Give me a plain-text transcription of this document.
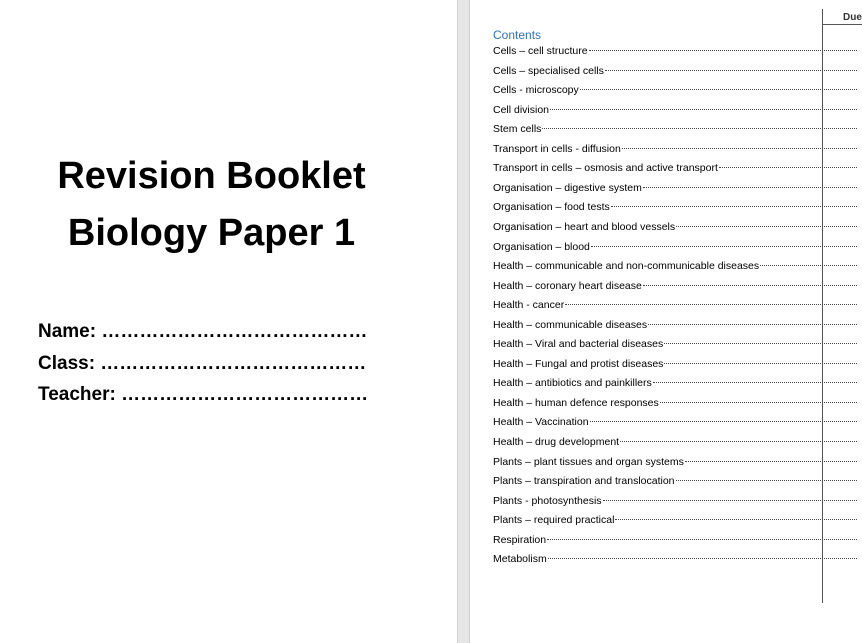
Revision Booklet
Biology Paper 1
Name: ……………………………………
Class: ……………………………………
Teacher: …………………………………
Due
Contents
Cells – cell structure
Cells – specialised cells
Cells - microscopy
Cell division
Stem cells
Transport in cells - diffusion
Transport in cells – osmosis and active transport
Organisation – digestive system
Organisation – food tests
Organisation – heart and blood vessels
Organisation – blood
Health – communicable and non-communicable diseases
Health – coronary heart disease
Health - cancer
Health – communicable diseases
Health – Viral and bacterial diseases
Health – Fungal and protist diseases
Health – antibiotics and painkillers
Health – human defence responses
Health – Vaccination
Health – drug development
Plants – plant tissues and organ systems
Plants – transpiration and translocation
Plants - photosynthesis
Plants – required practical
Respiration
Metabolism
